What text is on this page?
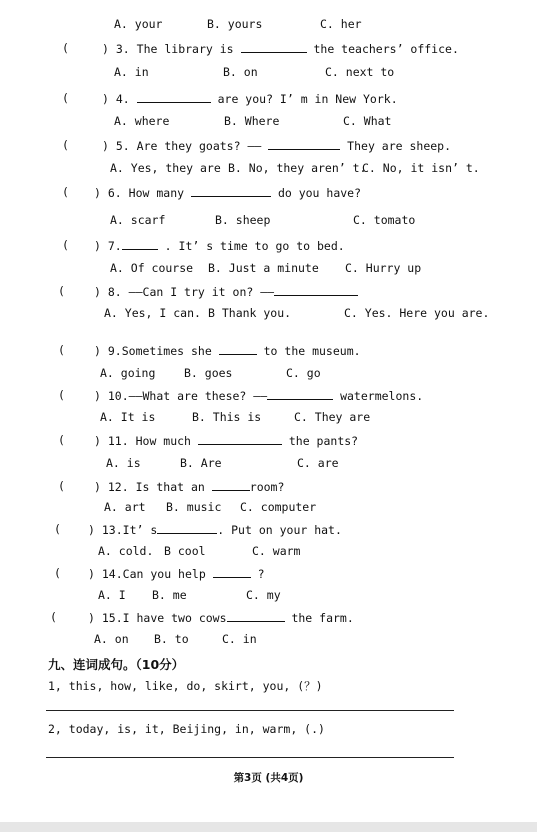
A. your	B. yours	C. her
(	) 3. The library is	the teachers’ office.
A. in	B. on	C. next to
(	) 4.	are you? I’ m in New York.
A. where	B. Where	C. What
(	) 5. Are they goats? ——	They are sheep.
A. Yes, they are B. No, they aren’ t.
C. No, it isn’ t.
( ) 6. How many	do you have?
A. scarf	B. sheep	C. tomato
( ) 7.	. It’ s time to go to bed.
A. Of course B. Just a minute C. Hurry up
(	) 8. ——Can I try it on? ——
A. Yes, I can. B Thank you.	C. Yes. Here you are.
(	) 9.Sometimes she	to the museum.
A. going B. goes	C. go
(	) 10.——What are these? ——	watermelons.
A. It is	B. This is	C. They are
(	) 11. How much	the pants?
A. is	B. Are	C. are
(	) 12. Is that an	room?
A. art B. music C. computer
( ) 13.It’ s	. Put on your hat.
A. cold. B cool	C. warm
( ) 14.Can you help	?
A. I B. me	C. my
(	) 15.I have two cows	the farm.
A. on B. to	C. in
九、连词成句。（10分）
1, this, how, like, do, skirt, you, (？)
2, today, is, it, Beijing, in, warm, (.)
第3页 (共4页)
